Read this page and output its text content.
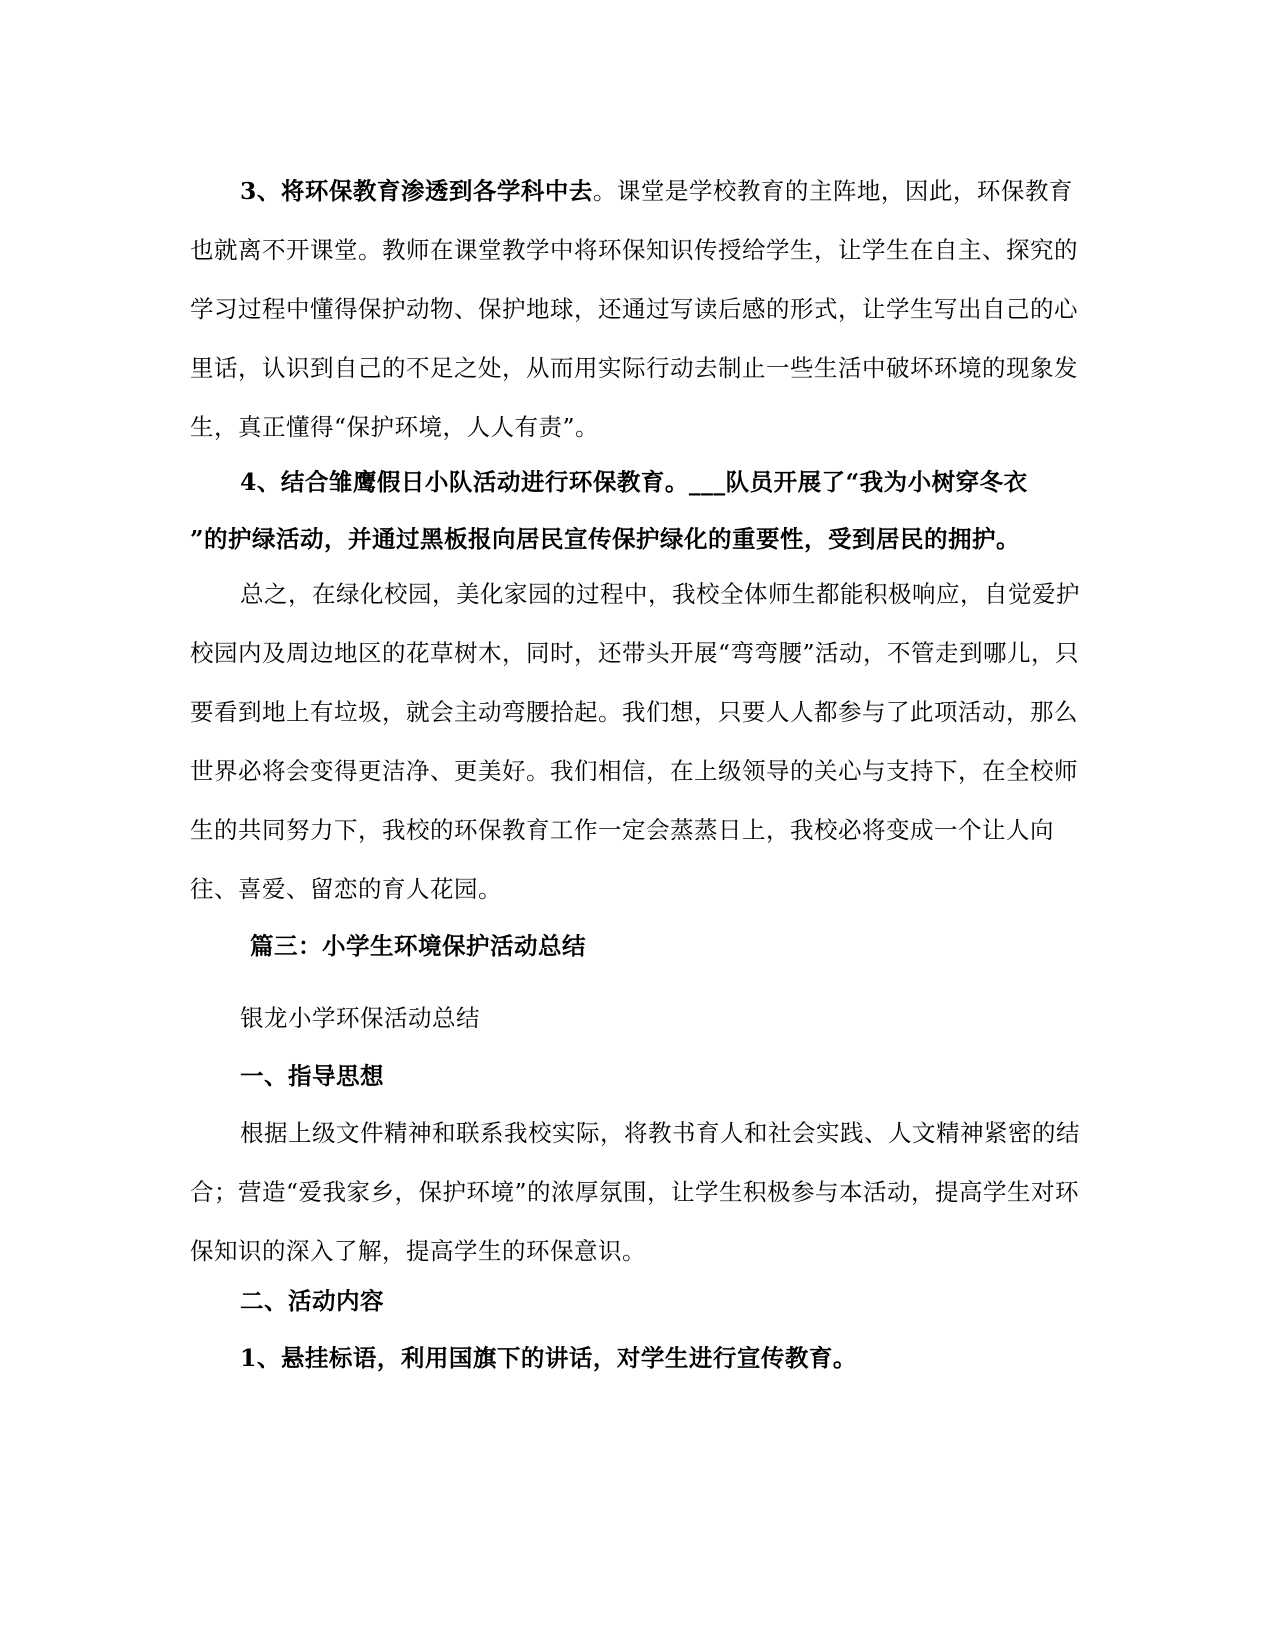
3、将环保教育渗透到各学科中去。课堂是学校教育的主阵地，因此，环保教育也就离不开课堂。教师在课堂教学中将环保知识传授给学生，让学生在自主、探究的学习过程中懂得保护动物、保护地球，还通过写读后感的形式，让学生写出自己的心里话，认识到自己的不足之处，从而用实际行动去制止一些生活中破坏环境的现象发生，真正懂得“保护环境，人人有责”。

4、结合雏鹰假日小队活动进行环保教育。___队员开展了“我为小树穿冬衣

”的护绿活动，并通过黑板报向居民宣传保护绿化的重要性，受到居民的拥护。

总之，在绿化校园，美化家园的过程中，我校全体师生都能积极响应，自觉爱护校园内及周边地区的花草树木，同时，还带头开展“弯弯腰”活动，不管走到哪儿，只要看到地上有垃圾，就会主动弯腰拾起。我们想，只要人人都参与了此项活动，那么世界必将会变得更洁净、更美好。我们相信，在上级领导的关心与支持下，在全校师生的共同努力下，我校的环保教育工作一定会蒸蒸日上，我校必将变成一个让人向往、喜爱、留恋的育人花园。

篇三：小学生环境保护活动总结

银龙小学环保活动总结

一、指导思想

根据上级文件精神和联系我校实际，将教书育人和社会实践、人文精神紧密的结合；营造“爱我家乡，保护环境”的浓厚氛围，让学生积极参与本活动，提高学生对环保知识的深入了解，提高学生的环保意识。

二、活动内容

1、悬挂标语，利用国旗下的讲话，对学生进行宣传教育。
